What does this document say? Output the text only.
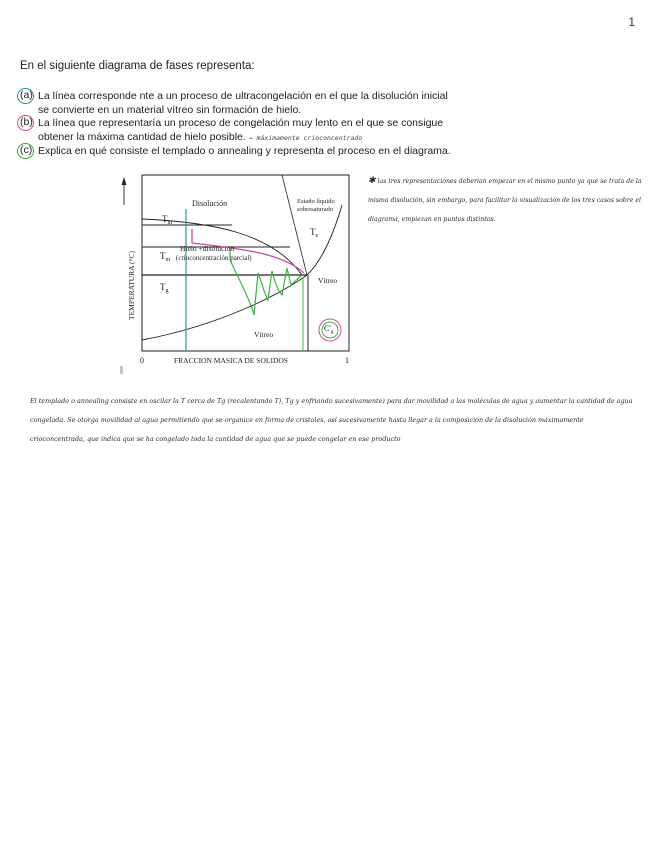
1
En el siguiente diagrama de fases representa:
(a) La línea corresponde nte a un proceso de ultracongelación en el que la disolución inicial se convierte en un material vítreo sin formación de hielo.
(b) La línea que representaría un proceso de congelación muy lento en el que se consigue obtener la máxima cantidad de hielo posible. → máximamente crioconcentrado
(c) Explica en qué consiste el templado o annealing y representa el proceso en el diagrama.
Disolución	Estado líquido
sobresaturado
$T_m$
$T_e$
$T_m$
Hielo +disolución
(crioconcentración parcial)
$T_g$
Vítreo
Vítreo
$C'_g$
TEMPERATURA (°C)
FRACCION MASICA DE SOLIDOS
0	1
✱ las tres representaciones deberían empezar en el mismo punto ya que se trata de la misma disolución, sin embargo, para facilitar la visualización de los tres casos sobre el diagrama, empiezan en puntos distintos.
El templado o annealing consiste en oscilar la T cerca de Tg (recalentando T), Tg y enfriando sucesivamente) para dar movilidad a las moléculas de agua y aumentar la cantidad de agua congelada. Se otorga movilidad al agua permitiendo que se organice en forma de cristales, así sucesivamente hasta llegar a la composición de la disolución máximamente crioconcentrada, que indica que se ha congelado toda la cantidad de agua que se puede congelar en ese producto
